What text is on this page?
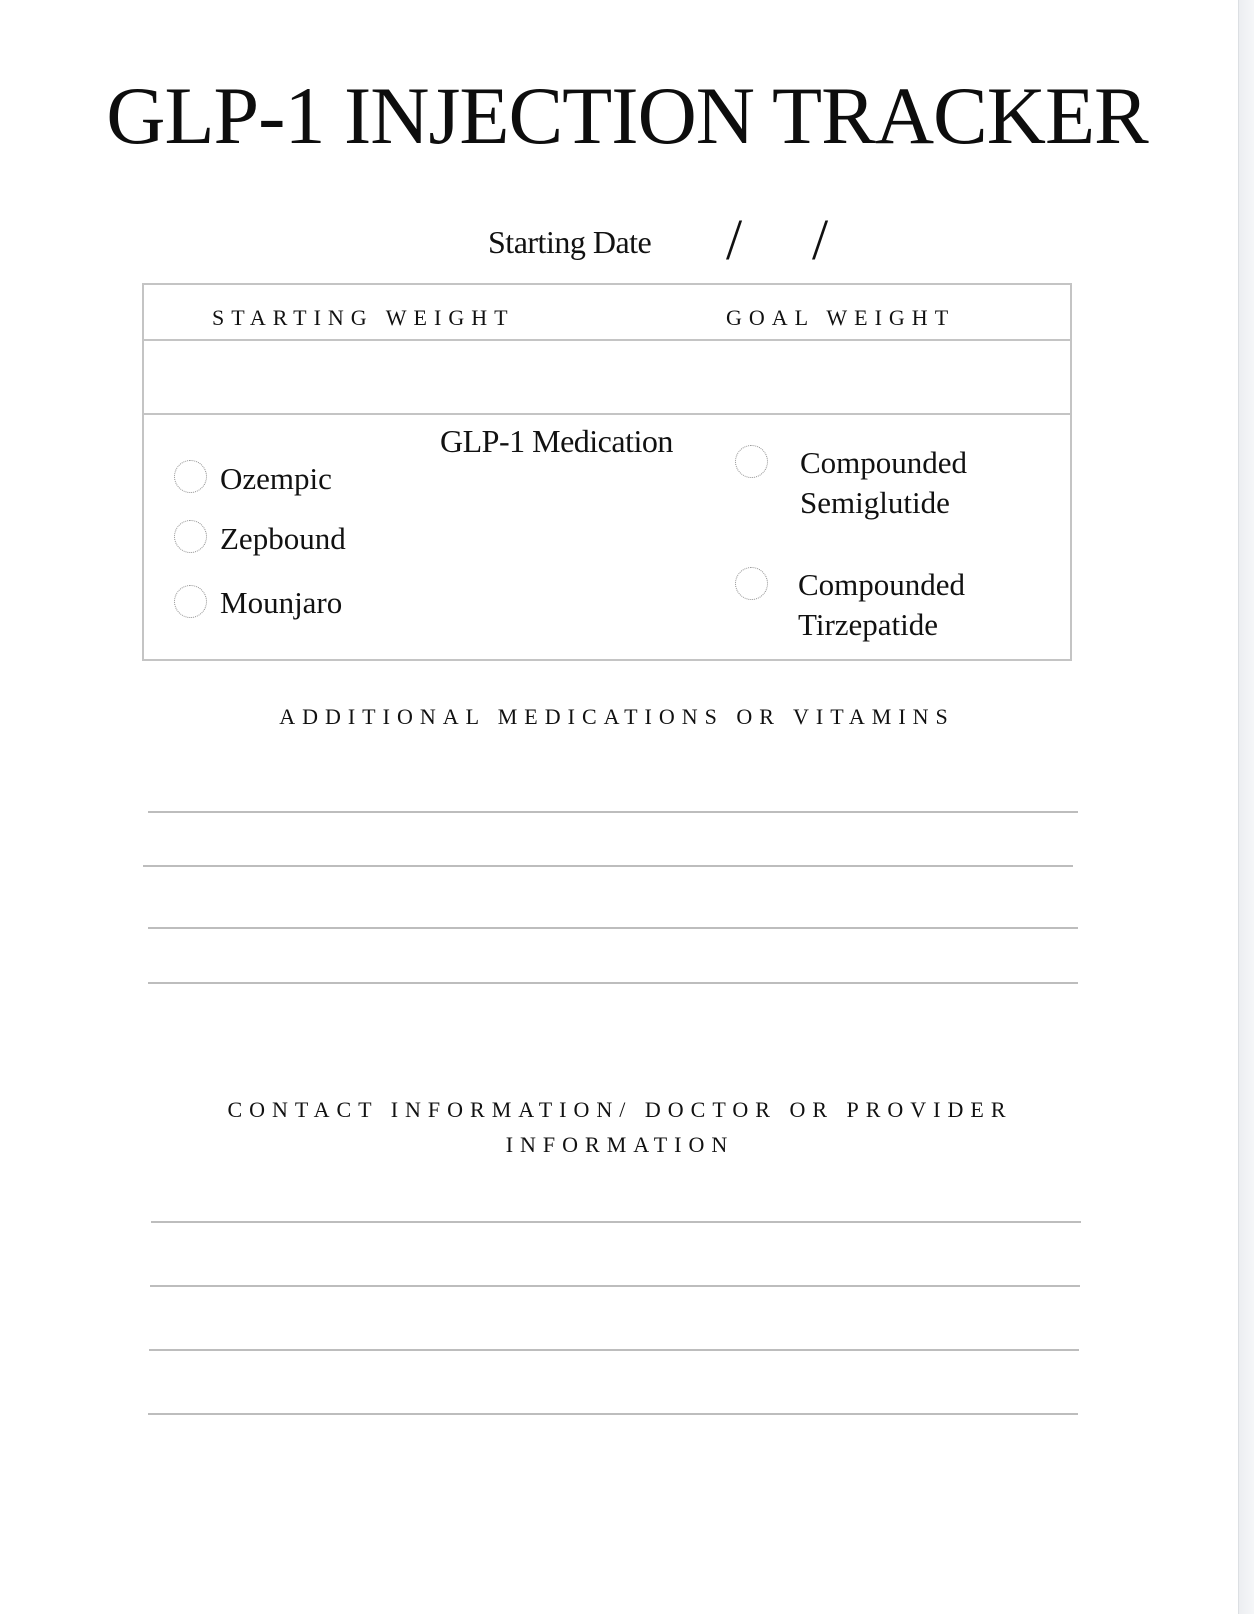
GLP-1 INJECTION TRACKER
Starting Date / /
STARTING WEIGHT	GOAL WEIGHT
GLP-1 Medication
Ozempic
Zepbound
Mounjaro
Compounded Semiglutide
Compounded Tirzepatide
ADDITIONAL MEDICATIONS OR VITAMINS
CONTACT INFORMATION/ DOCTOR OR PROVIDER INFORMATION
